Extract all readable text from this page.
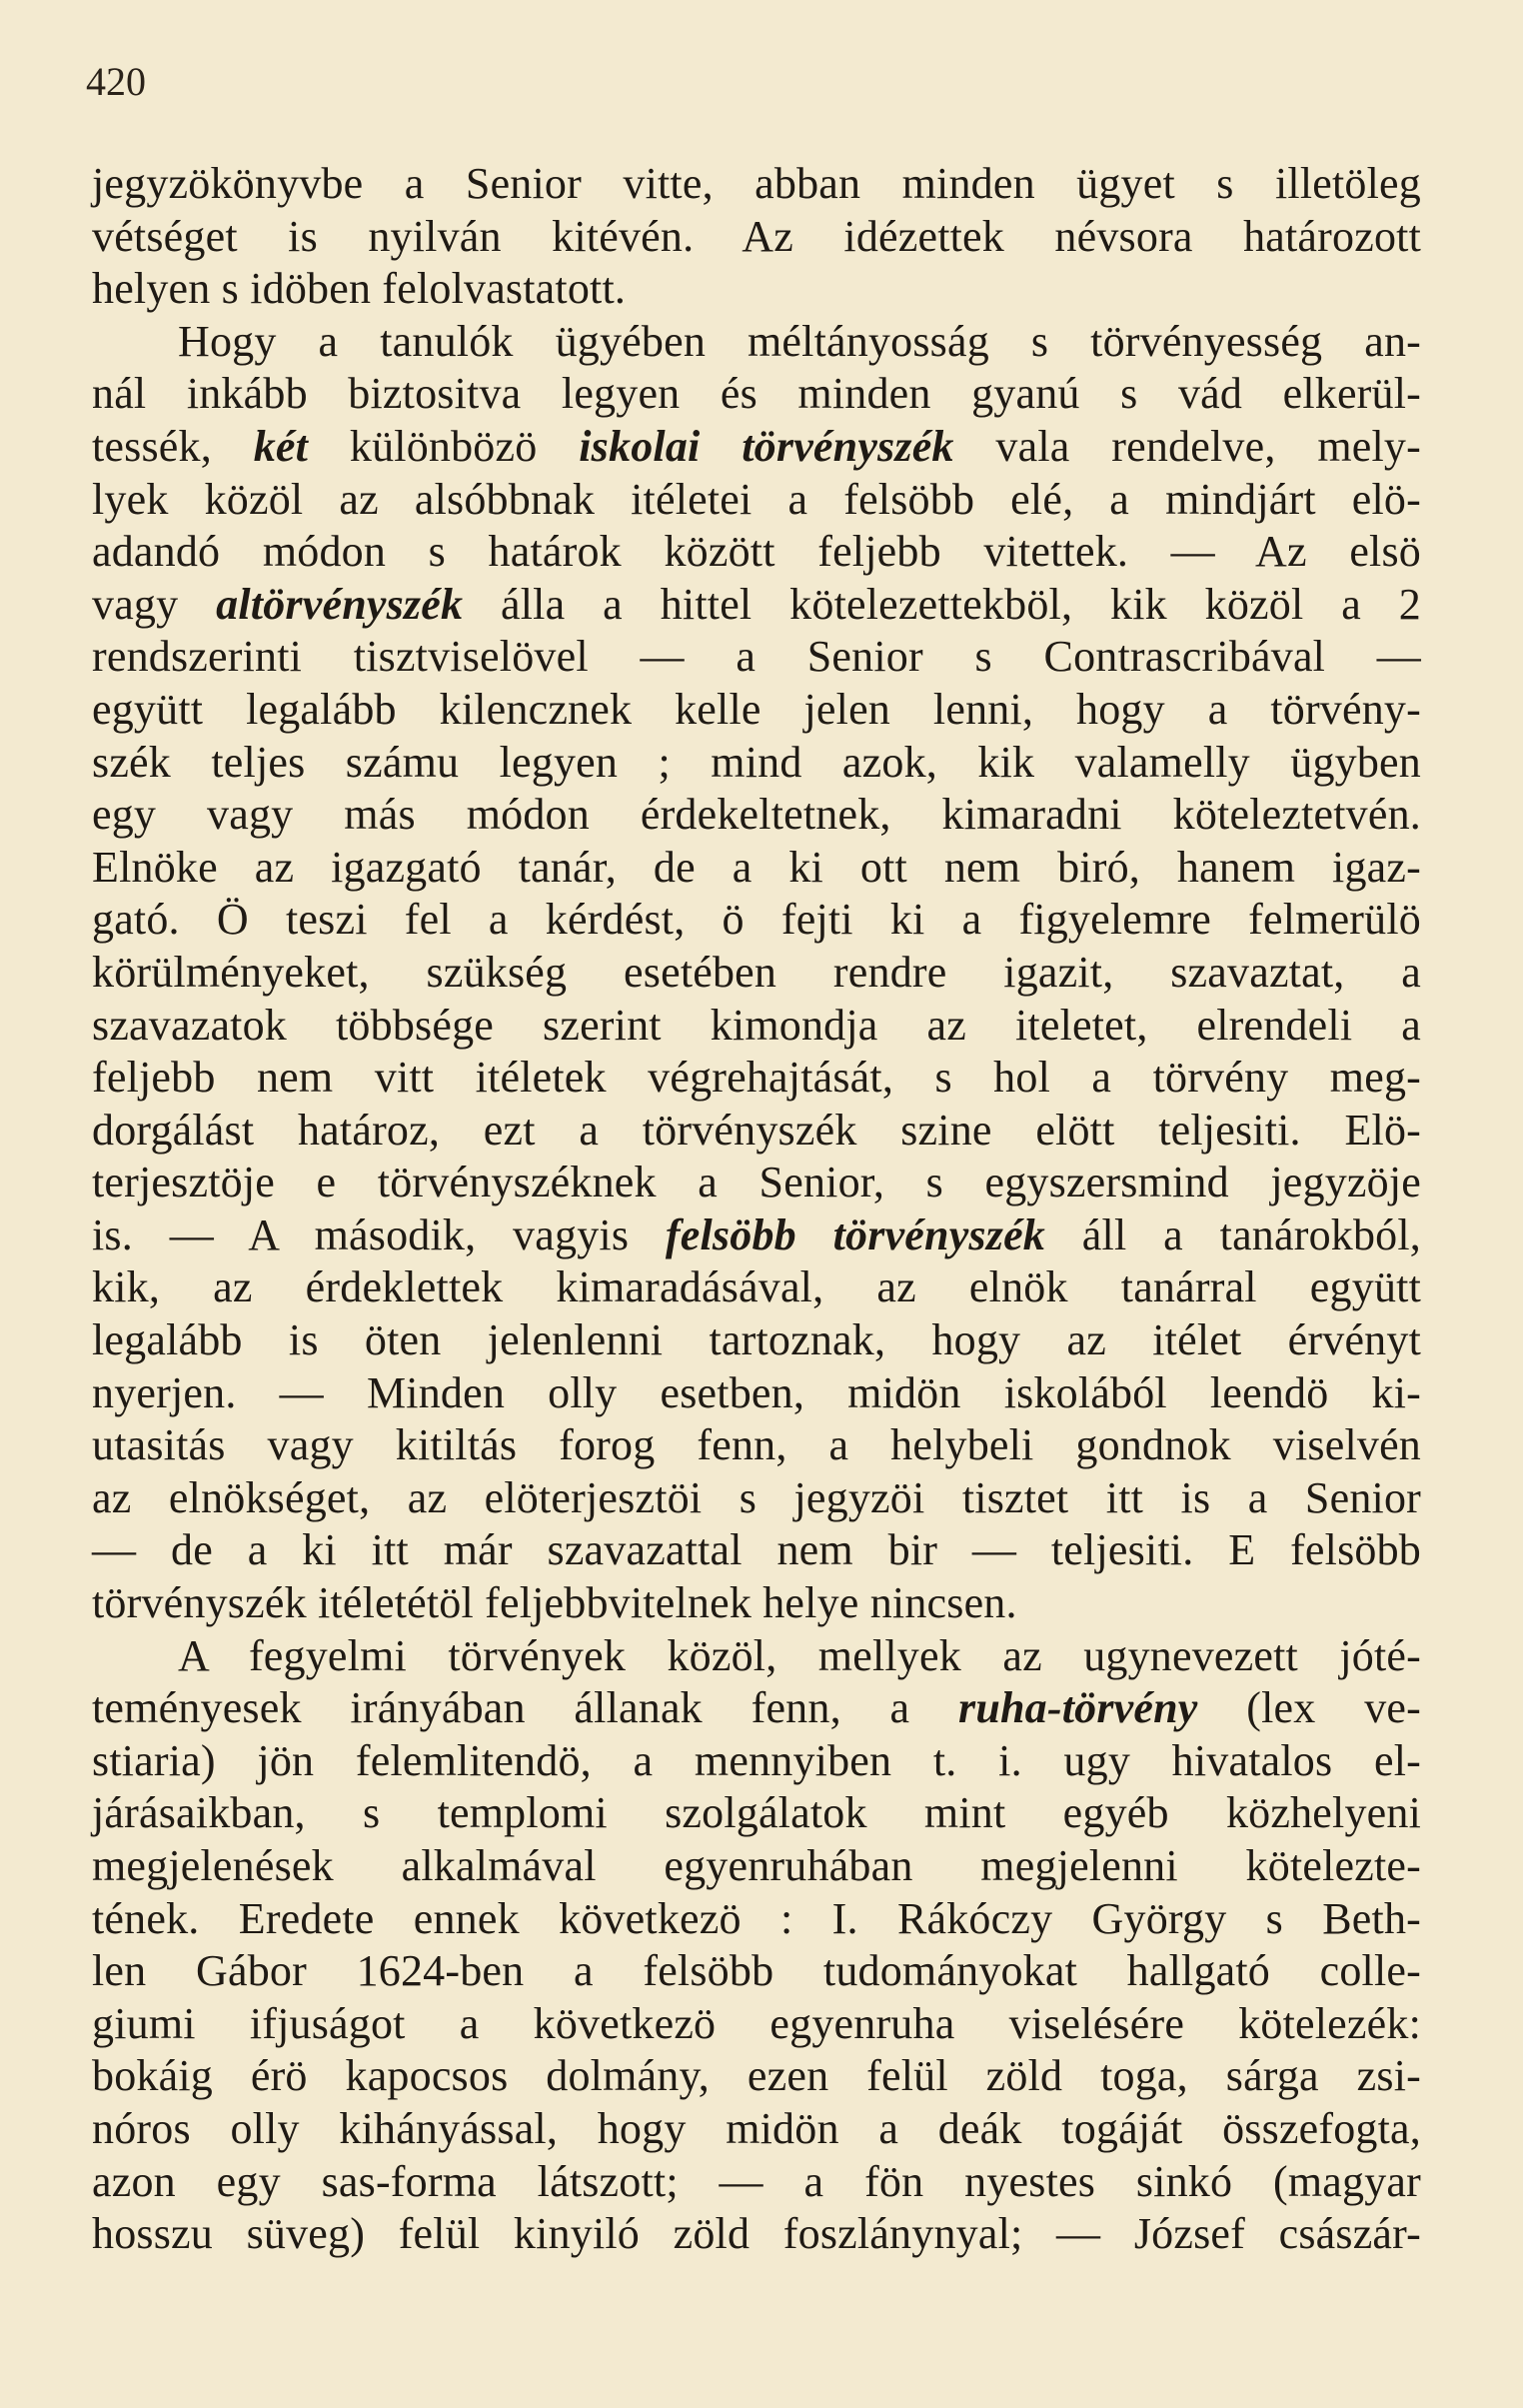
420
jegyzökönyvbe a Senior vitte, abban minden ügyet s illetöleg
vétséget is nyilván kitévén. Az idézettek névsora határozott
helyen s idöben felolvastatott.
Hogy a tanulók ügyében méltányosság s törvényesség an-
nál inkább biztositva legyen és minden gyanú s vád elkerül-
tessék, két különbözö iskolai törvényszék vala rendelve, mely-
lyek közöl az alsóbbnak itéletei a felsöbb elé, a mindjárt elö-
adandó módon s határok között feljebb vitettek. — Az elsö
vagy altörvényszék álla a hittel kötelezettekböl, kik közöl a 2
rendszerinti tisztviselövel — a Senior s Contrascribával —
együtt legalább kilencznek kelle jelen lenni, hogy a törvény-
szék teljes számu legyen ; mind azok, kik valamelly ügyben
egy vagy más módon érdekeltetnek, kimaradni köteleztetvén.
Elnöke az igazgató tanár, de a ki ott nem biró, hanem igaz-
gató. Ö teszi fel a kérdést, ö fejti ki a figyelemre felmerülö
körülményeket, szükség esetében rendre igazit, szavaztat, a
szavazatok többsége szerint kimondja az iteletet, elrendeli a
feljebb nem vitt itéletek végrehajtását, s hol a törvény meg-
dorgálást határoz, ezt a törvényszék szine elött teljesiti. Elö-
terjesztöje e törvényszéknek a Senior, s egyszersmind jegyzöje
is. — A második, vagyis felsöbb törvényszék áll a tanárokból,
kik, az érdeklettek kimaradásával, az elnök tanárral együtt
legalább is öten jelenlenni tartoznak, hogy az itélet érvényt
nyerjen. — Minden olly esetben, midön iskolából leendö ki-
utasitás vagy kitiltás forog fenn, a helybeli gondnok viselvén
az elnökséget, az elöterjesztöi s jegyzöi tisztet itt is a Senior
— de a ki itt már szavazattal nem bir — teljesiti. E felsöbb
törvényszék itéletétöl feljebbvitelnek helye nincsen.
A fegyelmi törvények közöl, mellyek az ugynevezett jóté-
teményesek irányában állanak fenn, a ruha-törvény (lex ve-
stiaria) jön felemlitendö, a mennyiben t. i. ugy hivatalos el-
járásaikban, s templomi szolgálatok mint egyéb közhelyeni
megjelenések alkalmával egyenruhában megjelenni kötelezte-
tének. Eredete ennek következö : I. Rákóczy György s Beth-
len Gábor 1624-ben a felsöbb tudományokat hallgató colle-
giumi ifjuságot a következö egyenruha viselésére kötelezék:
bokáig érö kapocsos dolmány, ezen felül zöld toga, sárga zsi-
nóros olly kihányással, hogy midön a deák togáját összefogta,
azon egy sas-forma látszott; — a fön nyestes sinkó (magyar
hosszu süveg) felül kinyiló zöld foszlánynyal; — József császár-
